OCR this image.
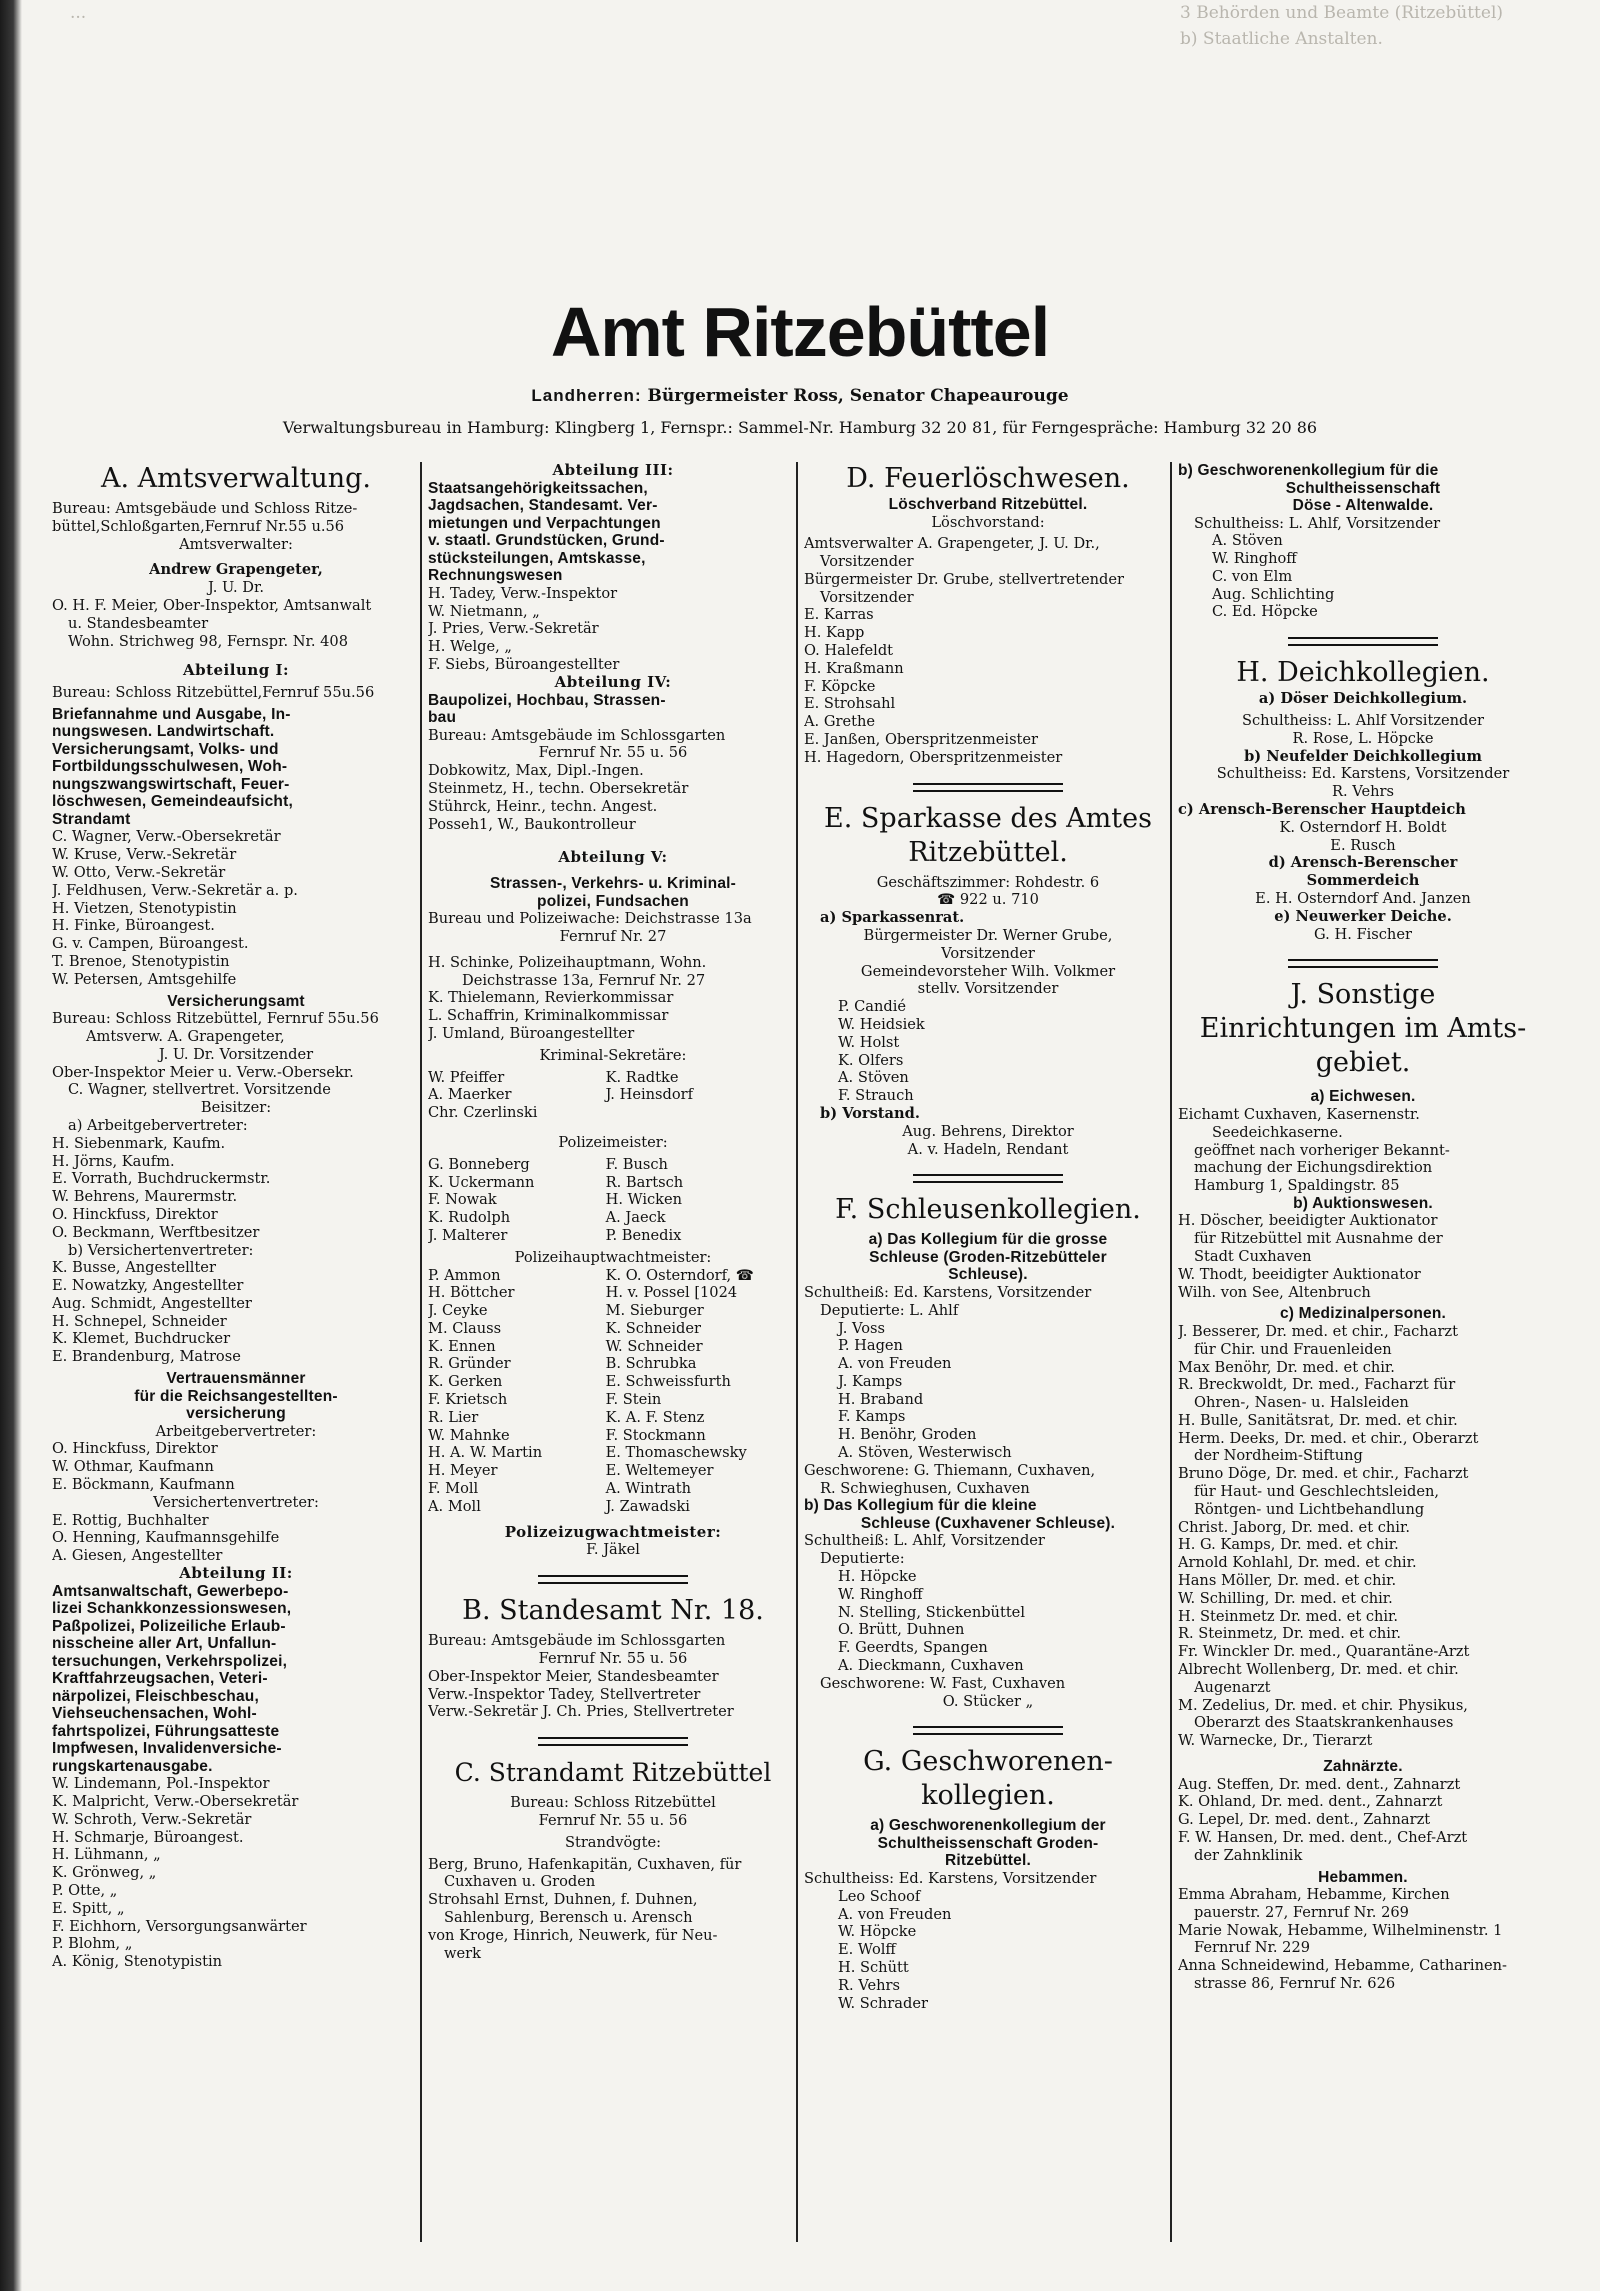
...	3 Behörden und Beamte (Ritzebüttel)
b) Staatliche Anstalten.
Amt Ritzebüttel
Landherren: Bürgermeister Ross, Senator Chapeaurouge
Verwaltungsbureau in Hamburg: Klingberg 1, Fernspr.: Sammel-Nr. Hamburg 32 20 81, für Ferngespräche: Hamburg 32 20 86
A. Amtsverwaltung.
Bureau: Amtsgebäude und Schloss Ritze-
büttel,Schloßgarten,Fernruf Nr.55 u.56
Amtsverwalter:
Andrew Grapengeter,
J. U. Dr.
O. H. F. Meier, Ober-Inspektor, Amtsanwalt
u. Standesbeamter
Wohn. Strichweg 98, Fernspr. Nr. 408
Abteilung I:
Bureau: Schloss Ritzebüttel,Fernruf 55u.56
Briefannahme und Ausgabe, In-
nungswesen. Landwirtschaft.
Versicherungsamt, Volks- und
Fortbildungsschulwesen, Woh-
nungszwangswirtschaft, Feuer-
löschwesen, Gemeindeaufsicht,
Strandamt
C. Wagner, Verw.-Obersekretär
W. Kruse, Verw.-Sekretär
W. Otto, Verw.-Sekretär
J. Feldhusen, Verw.-Sekretär a. p.
H. Vietzen, Stenotypistin
H. Finke, Büroangest.
G. v. Campen, Büroangest.
T. Brenoe, Stenotypistin
W. Petersen, Amtsgehilfe
Versicherungsamt
Bureau: Schloss Ritzebüttel, Fernruf 55u.56
Amtsverw. A. Grapengeter,
J. U. Dr. Vorsitzender
Ober-Inspektor Meier u. Verw.-Obersekr.
C. Wagner, stellvertret. Vorsitzende
Beisitzer:
a) Arbeitgebervertreter:
H. Siebenmark, Kaufm.
H. Jörns, Kaufm.
E. Vorrath, Buchdruckermstr.
W. Behrens, Maurermstr.
O. Hinckfuss, Direktor
O. Beckmann, Werftbesitzer
b) Versichertenvertreter:
K. Busse, Angestellter
E. Nowatzky, Angestellter
Aug. Schmidt, Angestellter
H. Schnepel, Schneider
K. Klemet, Buchdrucker
E. Brandenburg, Matrose
Vertrauensmänner
für die Reichsangestellten-
versicherung
Arbeitgebervertreter:
O. Hinckfuss, Direktor
W. Othmar, Kaufmann
E. Böckmann, Kaufmann
Versichertenvertreter:
E. Rottig, Buchhalter
O. Henning, Kaufmannsgehilfe
A. Giesen, Angestellter
Abteilung II:
Amtsanwaltschaft, Gewerbepo-
lizei Schankkonzessionswesen,
Paßpolizei, Polizeiliche Erlaub-
nisscheine aller Art, Unfallun-
tersuchungen, Verkehrspolizei,
Kraftfahrzeugsachen, Veteri-
närpolizei, Fleischbeschau,
Viehseuchensachen, Wohl-
fahrtspolizei, Führungsatteste
Impfwesen, Invalidenversiche-
rungskartenausgabe.
W. Lindemann, Pol.-Inspektor
K. Malpricht, Verw.-Obersekretär
W. Schroth, Verw.-Sekretär
H. Schmarje, Büroangest.
H. Lühmann, „
K. Grönweg, „
P. Otte, „
E. Spitt, „
F. Eichhorn, Versorgungsanwärter
P. Blohm, „
A. König, Stenotypistin
Abteilung III:
Staatsangehörigkeitssachen,
Jagdsachen, Standesamt. Ver-
mietungen und Verpachtungen
v. staatl. Grundstücken, Grund-
stücksteilungen, Amtskasse,
Rechnungswesen
H. Tadey, Verw.-Inspektor
W. Nietmann, „
J. Pries, Verw.-Sekretär
H. Welge, „
F. Siebs, Büroangestellter
Abteilung IV:
Baupolizei, Hochbau, Strassen-
bau
Bureau: Amtsgebäude im Schlossgarten
Fernruf Nr. 55 u. 56
Dobkowitz, Max, Dipl.-Ingen.
Steinmetz, H., techn. Obersekretär
Stührck, Heinr., techn. Angest.
Posseh1, W., Baukontrolleur
Abteilung V:
Strassen-, Verkehrs- u. Kriminal-
polizei, Fundsachen
Bureau und Polizeiwache: Deichstrasse 13a
Fernruf Nr. 27
H. Schinke, Polizeihauptmann, Wohn.
Deichstrasse 13a, Fernruf Nr. 27
K. Thielemann, Revierkommissar
L. Schaffrin, Kriminalkommissar
J. Umland, Büroangestellter
Kriminal-Sekretäre:
W. Pfeiffer	K. Radtke
A. Maerker	J. Heinsdorf
Chr. Czerlinski
Polizeimeister:
G. Bonneberg	F. Busch
K. Uckermann	R. Bartsch
F. Nowak	H. Wicken
K. Rudolph	A. Jaeck
J. Malterer	P. Benedix
Polizeihauptwachtmeister:
P. Ammon	K. O. Osterndorf, ☎
H. Böttcher	H. v. Possel [1024
J. Ceyke	M. Sieburger
M. Clauss	K. Schneider
K. Ennen	W. Schneider
R. Gründer	B. Schrubka
K. Gerken	E. Schweissfurth
F. Krietsch	F. Stein
R. Lier	K. A. F. Stenz
W. Mahnke	F. Stockmann
H. A. W. Martin	E. Thomaschewsky
H. Meyer	E. Weltemeyer
F. Moll	A. Wintrath
A. Moll	J. Zawadski
Polizeizugwachtmeister:
F. Jäkel
B. Standesamt Nr. 18.
Bureau: Amtsgebäude im Schlossgarten
Fernruf Nr. 55 u. 56
Ober-Inspektor Meier, Standesbeamter
Verw.-Inspektor Tadey, Stellvertreter
Verw.-Sekretär J. Ch. Pries, Stellvertreter
C. Strandamt Ritzebüttel
Bureau: Schloss Ritzebüttel
Fernruf Nr. 55 u. 56
Strandvögte:
Berg, Bruno, Hafenkapitän, Cuxhaven, für
Cuxhaven u. Groden
Strohsahl Ernst, Duhnen, f. Duhnen,
Sahlenburg, Berensch u. Arensch
von Kroge, Hinrich, Neuwerk, für Neu-
werk
D. Feuerlöschwesen.
Löschverband Ritzebüttel.
Löschvorstand:
Amtsverwalter A. Grapengeter, J. U. Dr.,
Vorsitzender
Bürgermeister Dr. Grube, stellvertretender
Vorsitzender
E. Karras
H. Kapp
O. Halefeldt
H. Kraßmann
F. Köpcke
E. Strohsahl
A. Grethe
E. Janßen, Oberspritzenmeister
H. Hagedorn, Oberspritzenmeister
E. Sparkasse des Amtes
Ritzebüttel.
Geschäftszimmer: Rohdestr. 6
☎ 922 u. 710
a) Sparkassenrat.
Bürgermeister Dr. Werner Grube,
Vorsitzender
Gemeindevorsteher Wilh. Volkmer
stellv. Vorsitzender
P. Candié
W. Heidsiek
W. Holst
K. Olfers
A. Stöven
F. Strauch
b) Vorstand.
Aug. Behrens, Direktor
A. v. Hadeln, Rendant
F. Schleusenkollegien.
a) Das Kollegium für die grosse
Schleuse (Groden-Ritzebütteler
Schleuse).
Schultheiß: Ed. Karstens, Vorsitzender
Deputierte: L. Ahlf
J. Voss
P. Hagen
A. von Freuden
J. Kamps
H. Braband
F. Kamps
H. Benöhr, Groden
A. Stöven, Westerwisch
Geschworene: G. Thiemann, Cuxhaven,
R. Schwieghusen, Cuxhaven
b) Das Kollegium für die kleine
Schleuse (Cuxhavener Schleuse).
Schultheiß: L. Ahlf, Vorsitzender
Deputierte:
H. Höpcke
W. Ringhoff
N. Stelling, Stickenbüttel
O. Brütt, Duhnen
F. Geerdts, Spangen
A. Dieckmann, Cuxhaven
Geschworene: W. Fast, Cuxhaven
O. Stücker „
G. Geschworenen-
kollegien.
a) Geschworenenkollegium der
Schultheissenschaft Groden-
Ritzebüttel.
Schultheiss: Ed. Karstens, Vorsitzender
Leo Schoof
A. von Freuden
W. Höpcke
E. Wolff
H. Schütt
R. Vehrs
W. Schrader
b) Geschworenenkollegium für die
Schultheissenschaft
Döse - Altenwalde.
Schultheiss: L. Ahlf, Vorsitzender
A. Stöven
W. Ringhoff
C. von Elm
Aug. Schlichting
C. Ed. Höpcke
H. Deichkollegien.
a) Döser Deichkollegium.
Schultheiss: L. Ahlf Vorsitzender
R. Rose, L. Höpcke
b) Neufelder Deichkollegium
Schultheiss: Ed. Karstens, Vorsitzender
R. Vehrs
c) Arensch-Berenscher Hauptdeich
K. Osterndorf H. Boldt
E. Rusch
d) Arensch-Berenscher
Sommerdeich
E. H. Osterndorf And. Janzen
e) Neuwerker Deiche.
G. H. Fischer
J. Sonstige
Einrichtungen im Amts-
gebiet.
a) Eichwesen.
Eichamt Cuxhaven, Kasernenstr.
Seedeichkaserne.
geöffnet nach vorheriger Bekannt-
machung der Eichungsdirektion
Hamburg 1, Spaldingstr. 85
b) Auktionswesen.
H. Döscher, beeidigter Auktionator
für Ritzebüttel mit Ausnahme der
Stadt Cuxhaven
W. Thodt, beeidigter Auktionator
Wilh. von See, Altenbruch
c) Medizinalpersonen.
J. Besserer, Dr. med. et chir., Facharzt
für Chir. und Frauenleiden
Max Benöhr, Dr. med. et chir.
R. Breckwoldt, Dr. med., Facharzt für
Ohren-, Nasen- u. Halsleiden
H. Bulle, Sanitätsrat, Dr. med. et chir.
Herm. Deeks, Dr. med. et chir., Oberarzt
der Nordheim-Stiftung
Bruno Döge, Dr. med. et chir., Facharzt
für Haut- und Geschlechtsleiden,
Röntgen- und Lichtbehandlung
Christ. Jaborg, Dr. med. et chir.
H. G. Kamps, Dr. med. et chir.
Arnold Kohlahl, Dr. med. et chir.
Hans Möller, Dr. med. et chir.
W. Schilling, Dr. med. et chir.
H. Steinmetz Dr. med. et chir.
R. Steinmetz, Dr. med. et chir.
Fr. Winckler Dr. med., Quarantäne-Arzt
Albrecht Wollenberg, Dr. med. et chir.
Augenarzt
M. Zedelius, Dr. med. et chir. Physikus,
Oberarzt des Staatskrankenhauses
W. Warnecke, Dr., Tierarzt
Zahnärzte.
Aug. Steffen, Dr. med. dent., Zahnarzt
K. Ohland, Dr. med. dent., Zahnarzt
G. Lepel, Dr. med. dent., Zahnarzt
F. W. Hansen, Dr. med. dent., Chef-Arzt
der Zahnklinik
Hebammen.
Emma Abraham, Hebamme, Kirchen
pauerstr. 27, Fernruf Nr. 269
Marie Nowak, Hebamme, Wilhelminenstr. 1
Fernruf Nr. 229
Anna Schneidewind, Hebamme, Catharinen-
strasse 86, Fernruf Nr. 626
